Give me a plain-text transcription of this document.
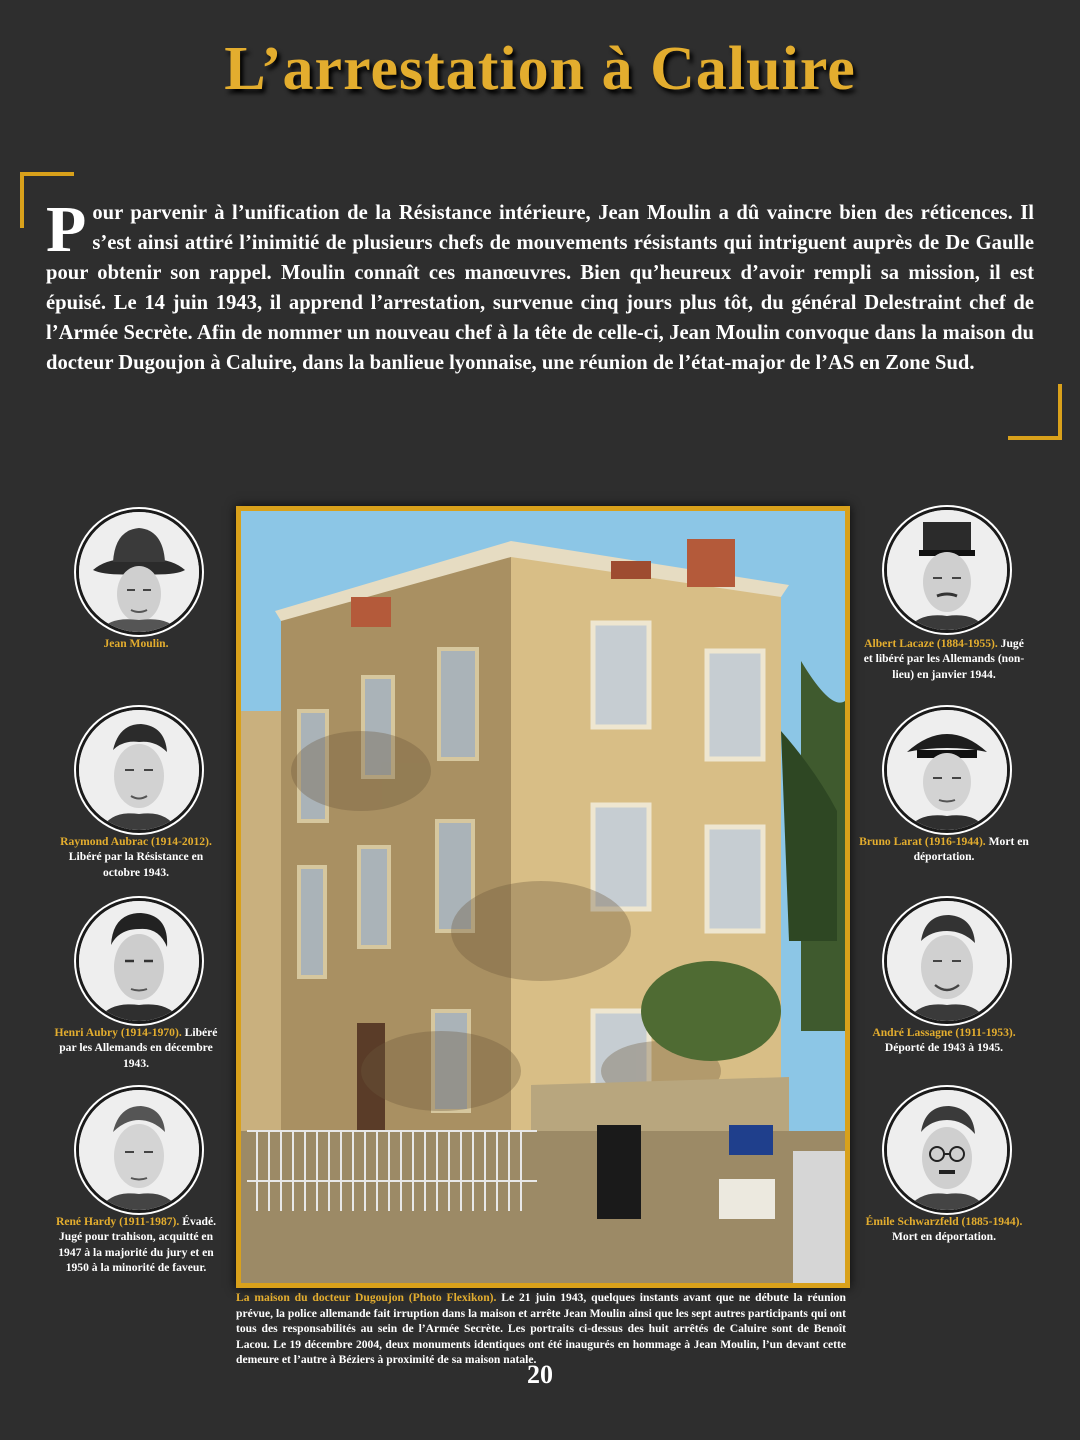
L’arrestation à Caluire

Pour parvenir à l’unification de la Résistance intérieure, Jean Moulin a dû vaincre bien des réticences. Il s’est ainsi attiré l’inimitié de plusieurs chefs de mouvements résistants qui intriguent auprès de De Gaulle pour obtenir son rappel. Moulin connaît ces manœuvres. Bien qu’heureux d’avoir rempli sa mission, il est épuisé. Le 14 juin 1943, il apprend l’arrestation, survenue cinq jours plus tôt, du général Delestraint chef de l’Armée Secrète. Afin de nommer un nouveau chef à la tête de celle-ci, Jean Moulin convoque dans la maison du docteur Dugoujon à Caluire, dans la banlieue lyonnaise, une réunion de l’état-major de l’AS en Zone Sud.

Jean Moulin.

Raymond Aubrac (1914-2012). Libéré par la Résistance en octobre 1943.

Henri Aubry (1914-1970). Libéré par les Allemands en décembre 1943.

René Hardy (1911-1987). Évadé. Jugé pour trahison, acquitté en 1947 à la majorité du jury et en 1950 à la minorité de faveur.

Albert Lacaze (1884-1955). Jugé et libéré par les Allemands (non-lieu) en janvier 1944.

Bruno Larat (1916-1944). Mort en déportation.

André Lassagne (1911-1953). Déporté de 1943 à 1945.

Émile Schwarzfeld (1885-1944). Mort en déportation.

La maison du docteur Dugoujon (Photo Flexikon). Le 21 juin 1943, quelques instants avant que ne débute la réunion prévue, la police allemande fait irruption dans la maison et arrête Jean Moulin ainsi que les sept autres participants qui ont tous des responsabilités au sein de l’Armée Secrète. Les portraits ci-dessus des huit arrêtés de Caluire sont de Benoît Lacou. Le 19 décembre 2004, deux monuments identiques ont été inaugurés en hommage à Jean Moulin, l’un devant cette demeure et l’autre à Béziers à proximité de sa maison natale.

20
